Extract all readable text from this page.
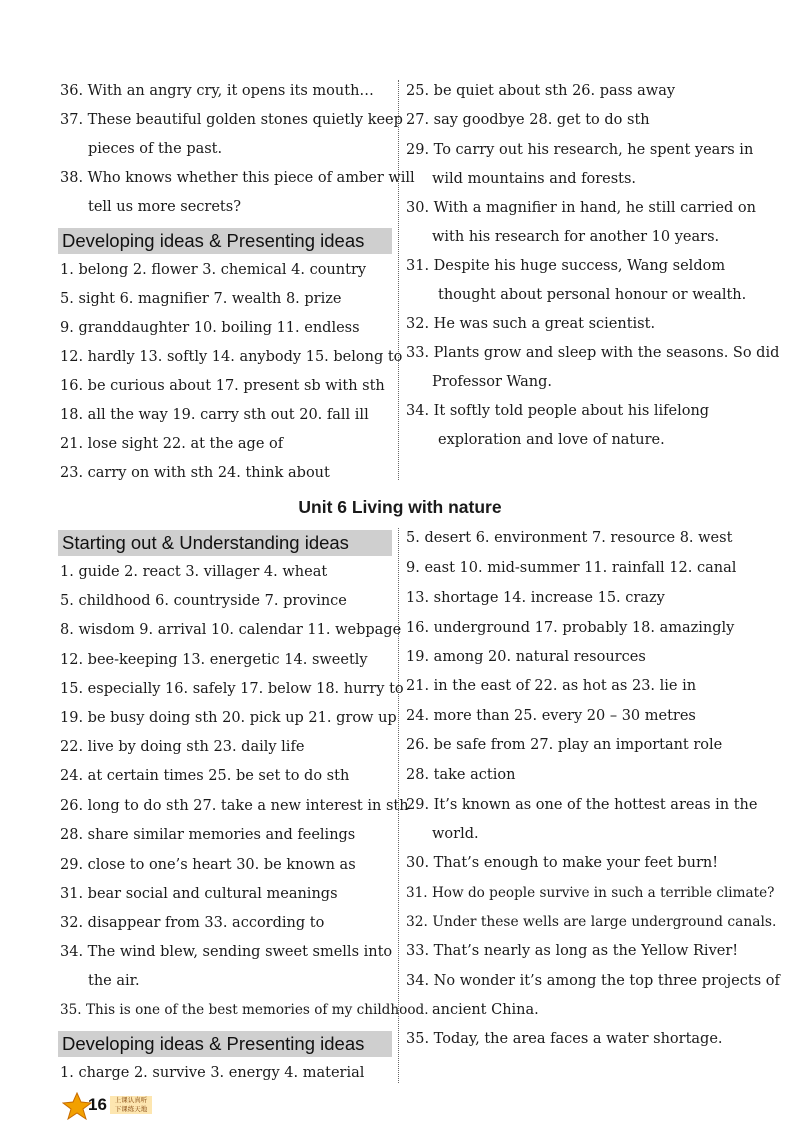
36. With an angry cry, it opens its mouth…
37. These beautiful golden stones quietly keep
pieces of the past.
38. Who knows whether this piece of amber will
tell us more secrets?
Developing ideas & Presenting ideas
1. belong 2. flower 3. chemical 4. country
5. sight 6. magnifier 7. wealth 8. prize
9. granddaughter 10. boiling 11. endless
12. hardly 13. softly 14. anybody 15. belong to
16. be curious about 17. present sb with sth
18. all the way 19. carry sth out 20. fall ill
21. lose sight 22. at the age of
23. carry on with sth 24. think about
25. be quiet about sth 26. pass away
27. say goodbye 28. get to do sth
29. To carry out his research, he spent years in
wild mountains and forests.
30. With a magnifier in hand, he still carried on
with his research for another 10 years.
31. Despite his huge success, Wang seldom
thought about personal honour or wealth.
32. He was such a great scientist.
33. Plants grow and sleep with the seasons. So did
Professor Wang.
34. It softly told people about his lifelong
exploration and love of nature.
Unit 6 Living with nature
Starting out & Understanding ideas
1. guide 2. react 3. villager 4. wheat
5. childhood 6. countryside 7. province
8. wisdom 9. arrival 10. calendar 11. webpage
12. bee-keeping 13. energetic 14. sweetly
15. especially 16. safely 17. below 18. hurry to
19. be busy doing sth 20. pick up 21. grow up
22. live by doing sth 23. daily life
24. at certain times 25. be set to do sth
26. long to do sth 27. take a new interest in sth
28. share similar memories and feelings
29. close to one’s heart 30. be known as
31. bear social and cultural meanings
32. disappear from 33. according to
34. The wind blew, sending sweet smells into
the air.
35. This is one of the best memories of my childhood.
Developing ideas & Presenting ideas
1. charge 2. survive 3. energy 4. material
5. desert 6. environment 7. resource 8. west
9. east 10. mid-summer 11. rainfall 12. canal
13. shortage 14. increase 15. crazy
16. underground 17. probably 18. amazingly
19. among 20. natural resources
21. in the east of 22. as hot as 23. lie in
24. more than 25. every 20 – 30 metres
26. be safe from 27. play an important role
28. take action
29. It’s known as one of the hottest areas in the
world.
30. That’s enough to make your feet burn!
31. How do people survive in such a terrible climate?
32. Under these wells are large underground canals.
33. That’s nearly as long as the Yellow River!
34. No wonder it’s among the top three projects of
ancient China.
35. Today, the area faces a water shortage.
16	上课认真听
下课练天地
